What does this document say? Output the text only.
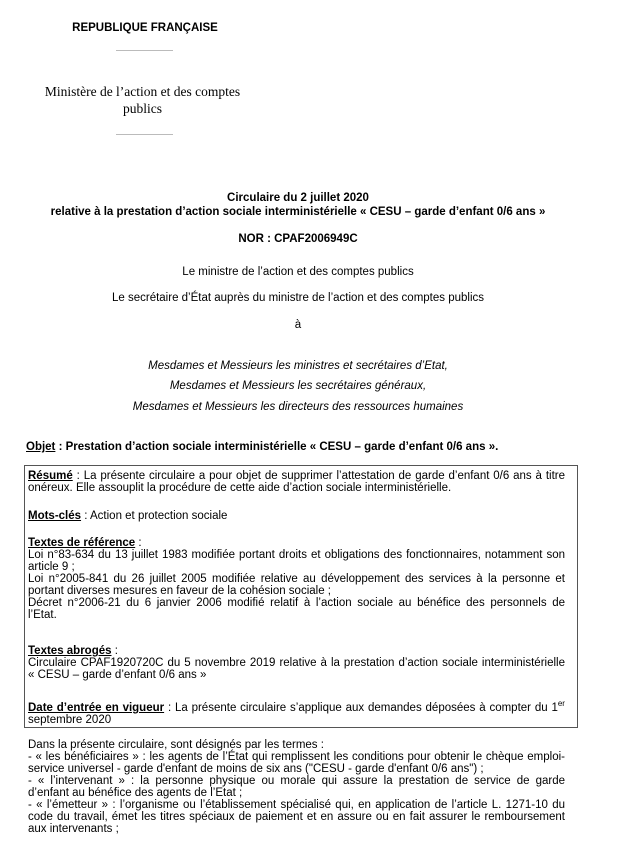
REPUBLIQUE FRANÇAISE
Ministère de l’action et des comptes
publics
Circulaire du 2 juillet 2020
relative à la prestation d’action sociale interministérielle « CESU – garde d’enfant 0/6 ans »
NOR : CPAF2006949C
Le ministre de l’action et des comptes publics
Le secrétaire d’État auprès du ministre de l’action et des comptes publics
à
Mesdames et Messieurs les ministres et secrétaires d’Etat,
Mesdames et Messieurs les secrétaires généraux,
Mesdames et Messieurs les directeurs des ressources humaines
Objet : Prestation d’action sociale interministérielle « CESU – garde d’enfant 0/6 ans ».
Résumé : La présente circulaire a pour objet de supprimer l’attestation de garde d’enfant 0/6 ans à titre
onéreux. Elle assouplit la procédure de cette aide d’action sociale interministérielle.
Mots-clés : Action et protection sociale
Textes de référence :
Loi n°83-634 du 13 juillet 1983 modifiée portant droits et obligations des fonctionnaires, notamment son
article 9 ;
Loi n°2005-841 du 26 juillet 2005 modifiée relative au développement des services à la personne et
portant diverses mesures en faveur de la cohésion sociale ;
Décret n°2006-21 du 6 janvier 2006 modifié relatif à l’action sociale au bénéfice des personnels de
l’Etat.
Textes abrogés :
Circulaire CPAF1920720C du 5 novembre 2019 relative à la prestation d’action sociale interministérielle
« CESU – garde d’enfant 0/6 ans »
Date d’entrée en vigueur : La présente circulaire s’applique aux demandes déposées à compter du 1er
septembre 2020
Dans la présente circulaire, sont désignés par les termes :
- « les bénéficiaires » : les agents de l’État qui remplissent les conditions pour obtenir le chèque emploi-
service universel - garde d'enfant de moins de six ans ("CESU - garde d'enfant 0/6 ans") ;
- « l’intervenant » : la personne physique ou morale qui assure la prestation de service de garde
d’enfant au bénéfice des agents de l’Etat ;
- « l’émetteur » : l’organisme ou l’établissement spécialisé qui, en application de l’article L. 1271-10 du
code du travail, émet les titres spéciaux de paiement et en assure ou en fait assurer le remboursement
aux intervenants ;
